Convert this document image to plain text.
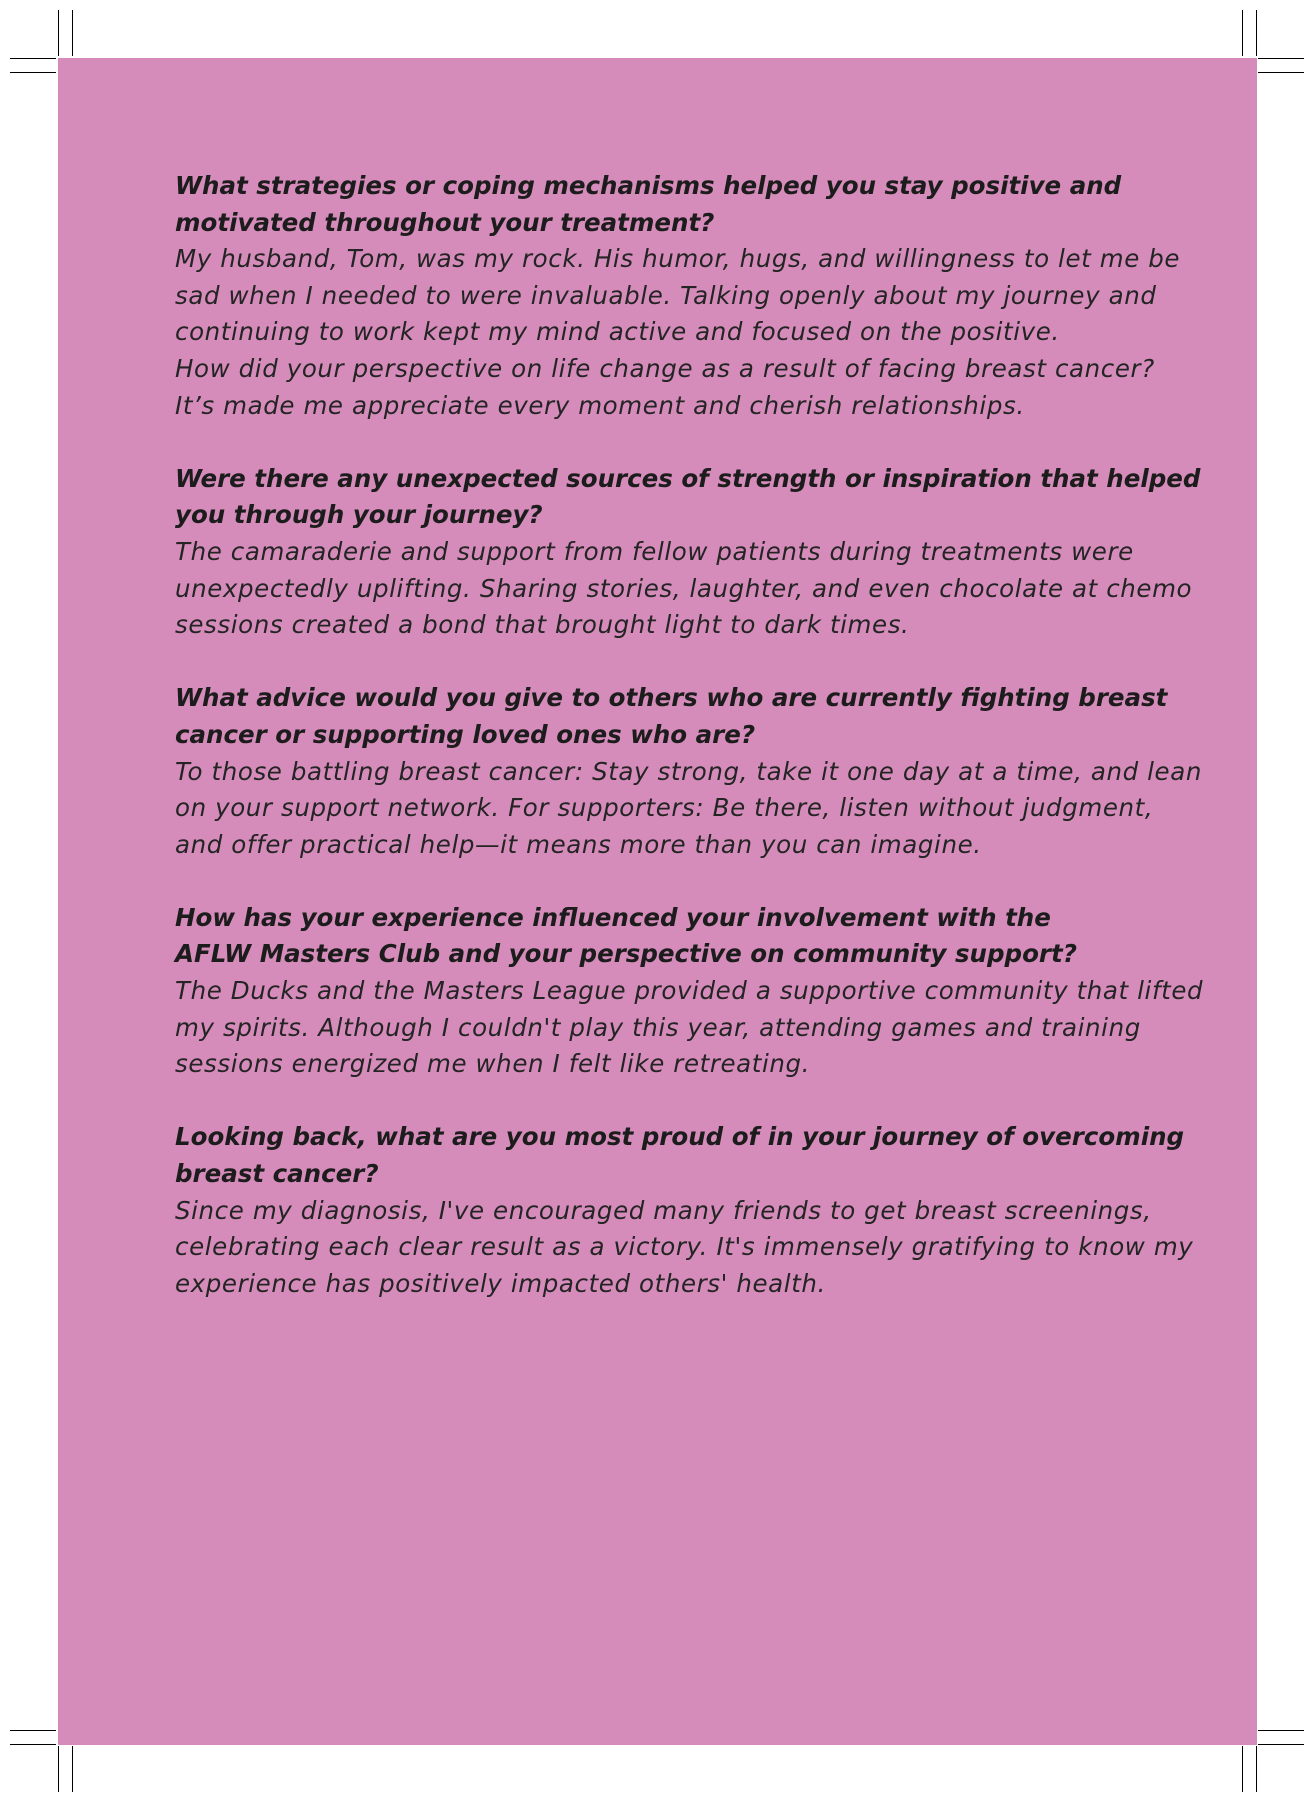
What strategies or coping mechanisms helped you stay positive and

motivated throughout your treatment?

My husband, Tom, was my rock. His humor, hugs, and willingness to let me be

sad when I needed to were invaluable. Talking openly about my journey and

continuing to work kept my mind active and focused on the positive.

How did your perspective on life change as a result of facing breast cancer?

It’s made me appreciate every moment and cherish relationships.

Were there any unexpected sources of strength or inspiration that helped

you through your journey?

The camaraderie and support from fellow patients during treatments were

unexpectedly uplifting. Sharing stories, laughter, and even chocolate at chemo

sessions created a bond that brought light to dark times.

What advice would you give to others who are currently fighting breast

cancer or supporting loved ones who are?

To those battling breast cancer: Stay strong, take it one day at a time, and lean

on your support network. For supporters: Be there, listen without judgment,

and offer practical help—it means more than you can imagine.

How has your experience influenced your involvement with the

AFLW Masters Club and your perspective on community support?

The Ducks and the Masters League provided a supportive community that lifted

my spirits. Although I couldn't play this year, attending games and training

sessions energized me when I felt like retreating.

Looking back, what are you most proud of in your journey of overcoming

breast cancer?

Since my diagnosis, I've encouraged many friends to get breast screenings,

celebrating each clear result as a victory. It's immensely gratifying to know my

experience has positively impacted others' health.
